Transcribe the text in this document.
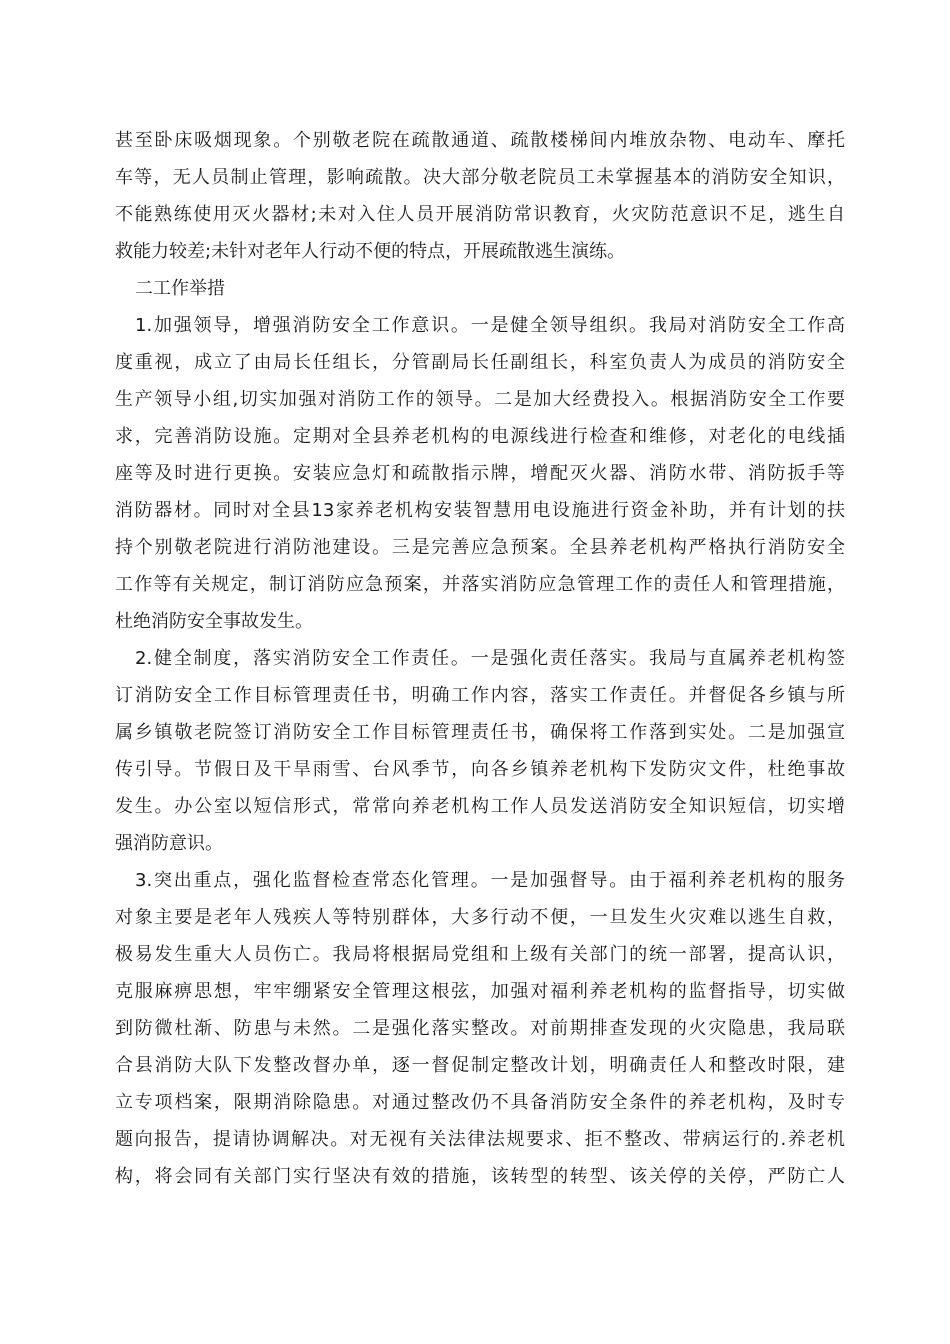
甚至卧床吸烟现象。个别敬老院在疏散通道、疏散楼梯间内堆放杂物、电动车、摩托
车等，无人员制止管理，影响疏散。决大部分敬老院员工未掌握基本的消防安全知识，
不能熟练使用灭火器材;未对入住人员开展消防常识教育，火灾防范意识不足，逃生自
救能力较差;未针对老年人行动不便的特点，开展疏散逃生演练。
二工作举措
1.加强领导，增强消防安全工作意识。一是健全领导组织。我局对消防安全工作高
度重视，成立了由局长任组长，分管副局长任副组长，科室负责人为成员的消防安全
生产领导小组,切实加强对消防工作的领导。二是加大经费投入。根据消防安全工作要
求，完善消防设施。定期对全县养老机构的电源线进行检查和维修，对老化的电线插
座等及时进行更换。安装应急灯和疏散指示牌，增配灭火器、消防水带、消防扳手等
消防器材。同时对全县13家养老机构安装智慧用电设施进行资金补助，并有计划的扶
持个别敬老院进行消防池建设。三是完善应急预案。全县养老机构严格执行消防安全
工作等有关规定，制订消防应急预案，并落实消防应急管理工作的责任人和管理措施，
杜绝消防安全事故发生。
2.健全制度，落实消防安全工作责任。一是强化责任落实。我局与直属养老机构签
订消防安全工作目标管理责任书，明确工作内容，落实工作责任。并督促各乡镇与所
属乡镇敬老院签订消防安全工作目标管理责任书，确保将工作落到实处。二是加强宣
传引导。节假日及干旱雨雪、台风季节，向各乡镇养老机构下发防灾文件，杜绝事故
发生。办公室以短信形式，常常向养老机构工作人员发送消防安全知识短信，切实增
强消防意识。
3.突出重点，强化监督检查常态化管理。一是加强督导。由于福利养老机构的服务
对象主要是老年人残疾人等特别群体，大多行动不便，一旦发生火灾难以逃生自救，
极易发生重大人员伤亡。我局将根据局党组和上级有关部门的统一部署，提高认识，
克服麻痹思想，牢牢绷紧安全管理这根弦，加强对福利养老机构的监督指导，切实做
到防微杜渐、防患与未然。二是强化落实整改。对前期排查发现的火灾隐患，我局联
合县消防大队下发整改督办单，逐一督促制定整改计划，明确责任人和整改时限，建
立专项档案，限期消除隐患。对通过整改仍不具备消防安全条件的养老机构，及时专
题向报告，提请协调解决。对无视有关法律法规要求、拒不整改、带病运行的.养老机
构，将会同有关部门实行坚决有效的措施，该转型的转型、该关停的关停，严防亡人
